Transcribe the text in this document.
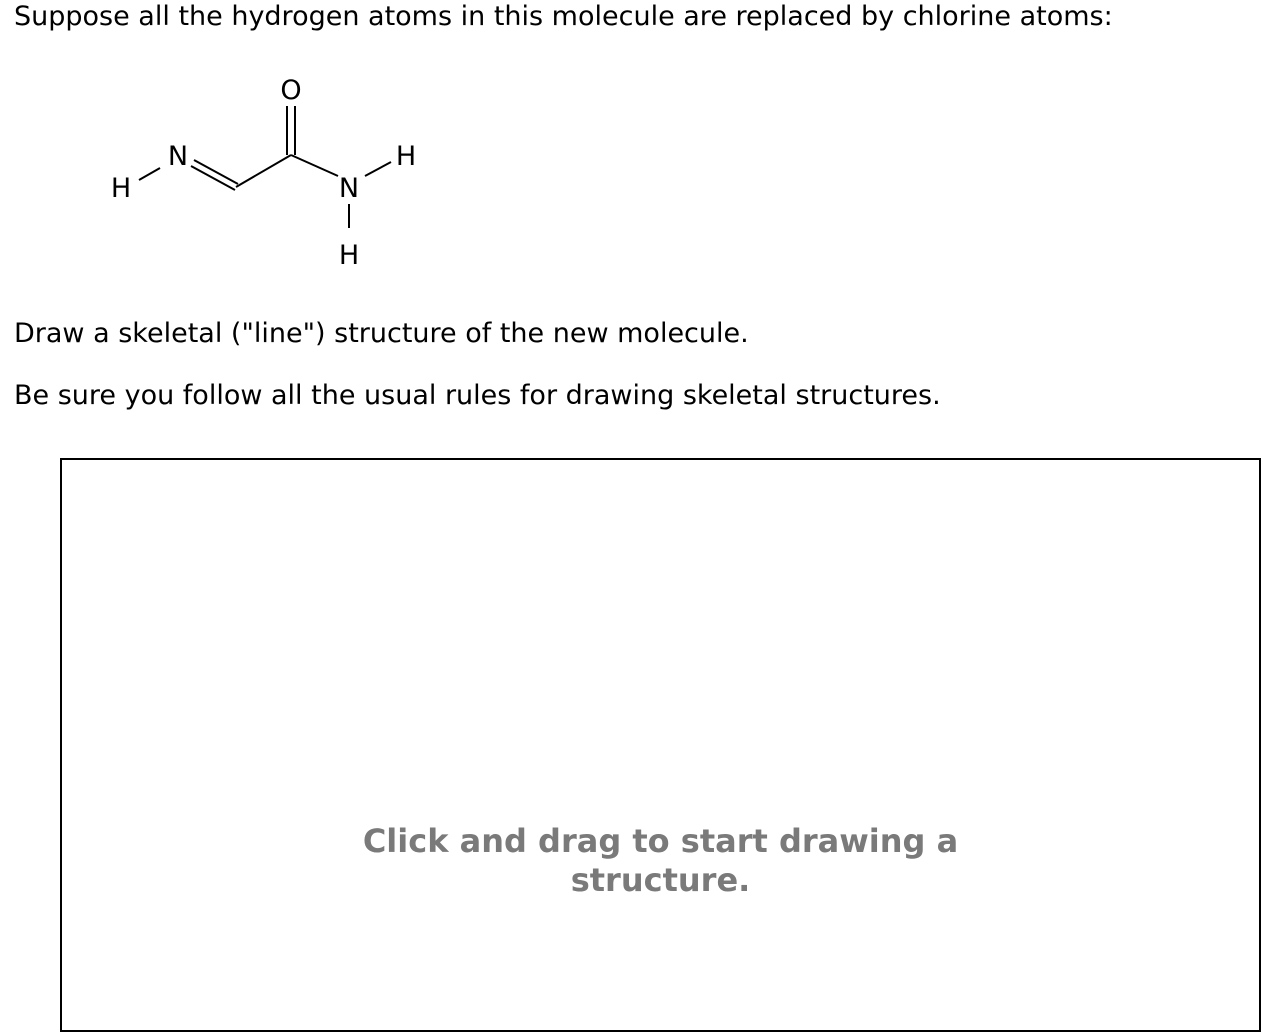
Suppose all the hydrogen atoms in this molecule are replaced by chlorine atoms:

O
N
H	N
H
H

Draw a skeletal ("line") structure of the new molecule.

Be sure you follow all the usual rules for drawing skeletal structures.

Click and drag to start drawing a
structure.
